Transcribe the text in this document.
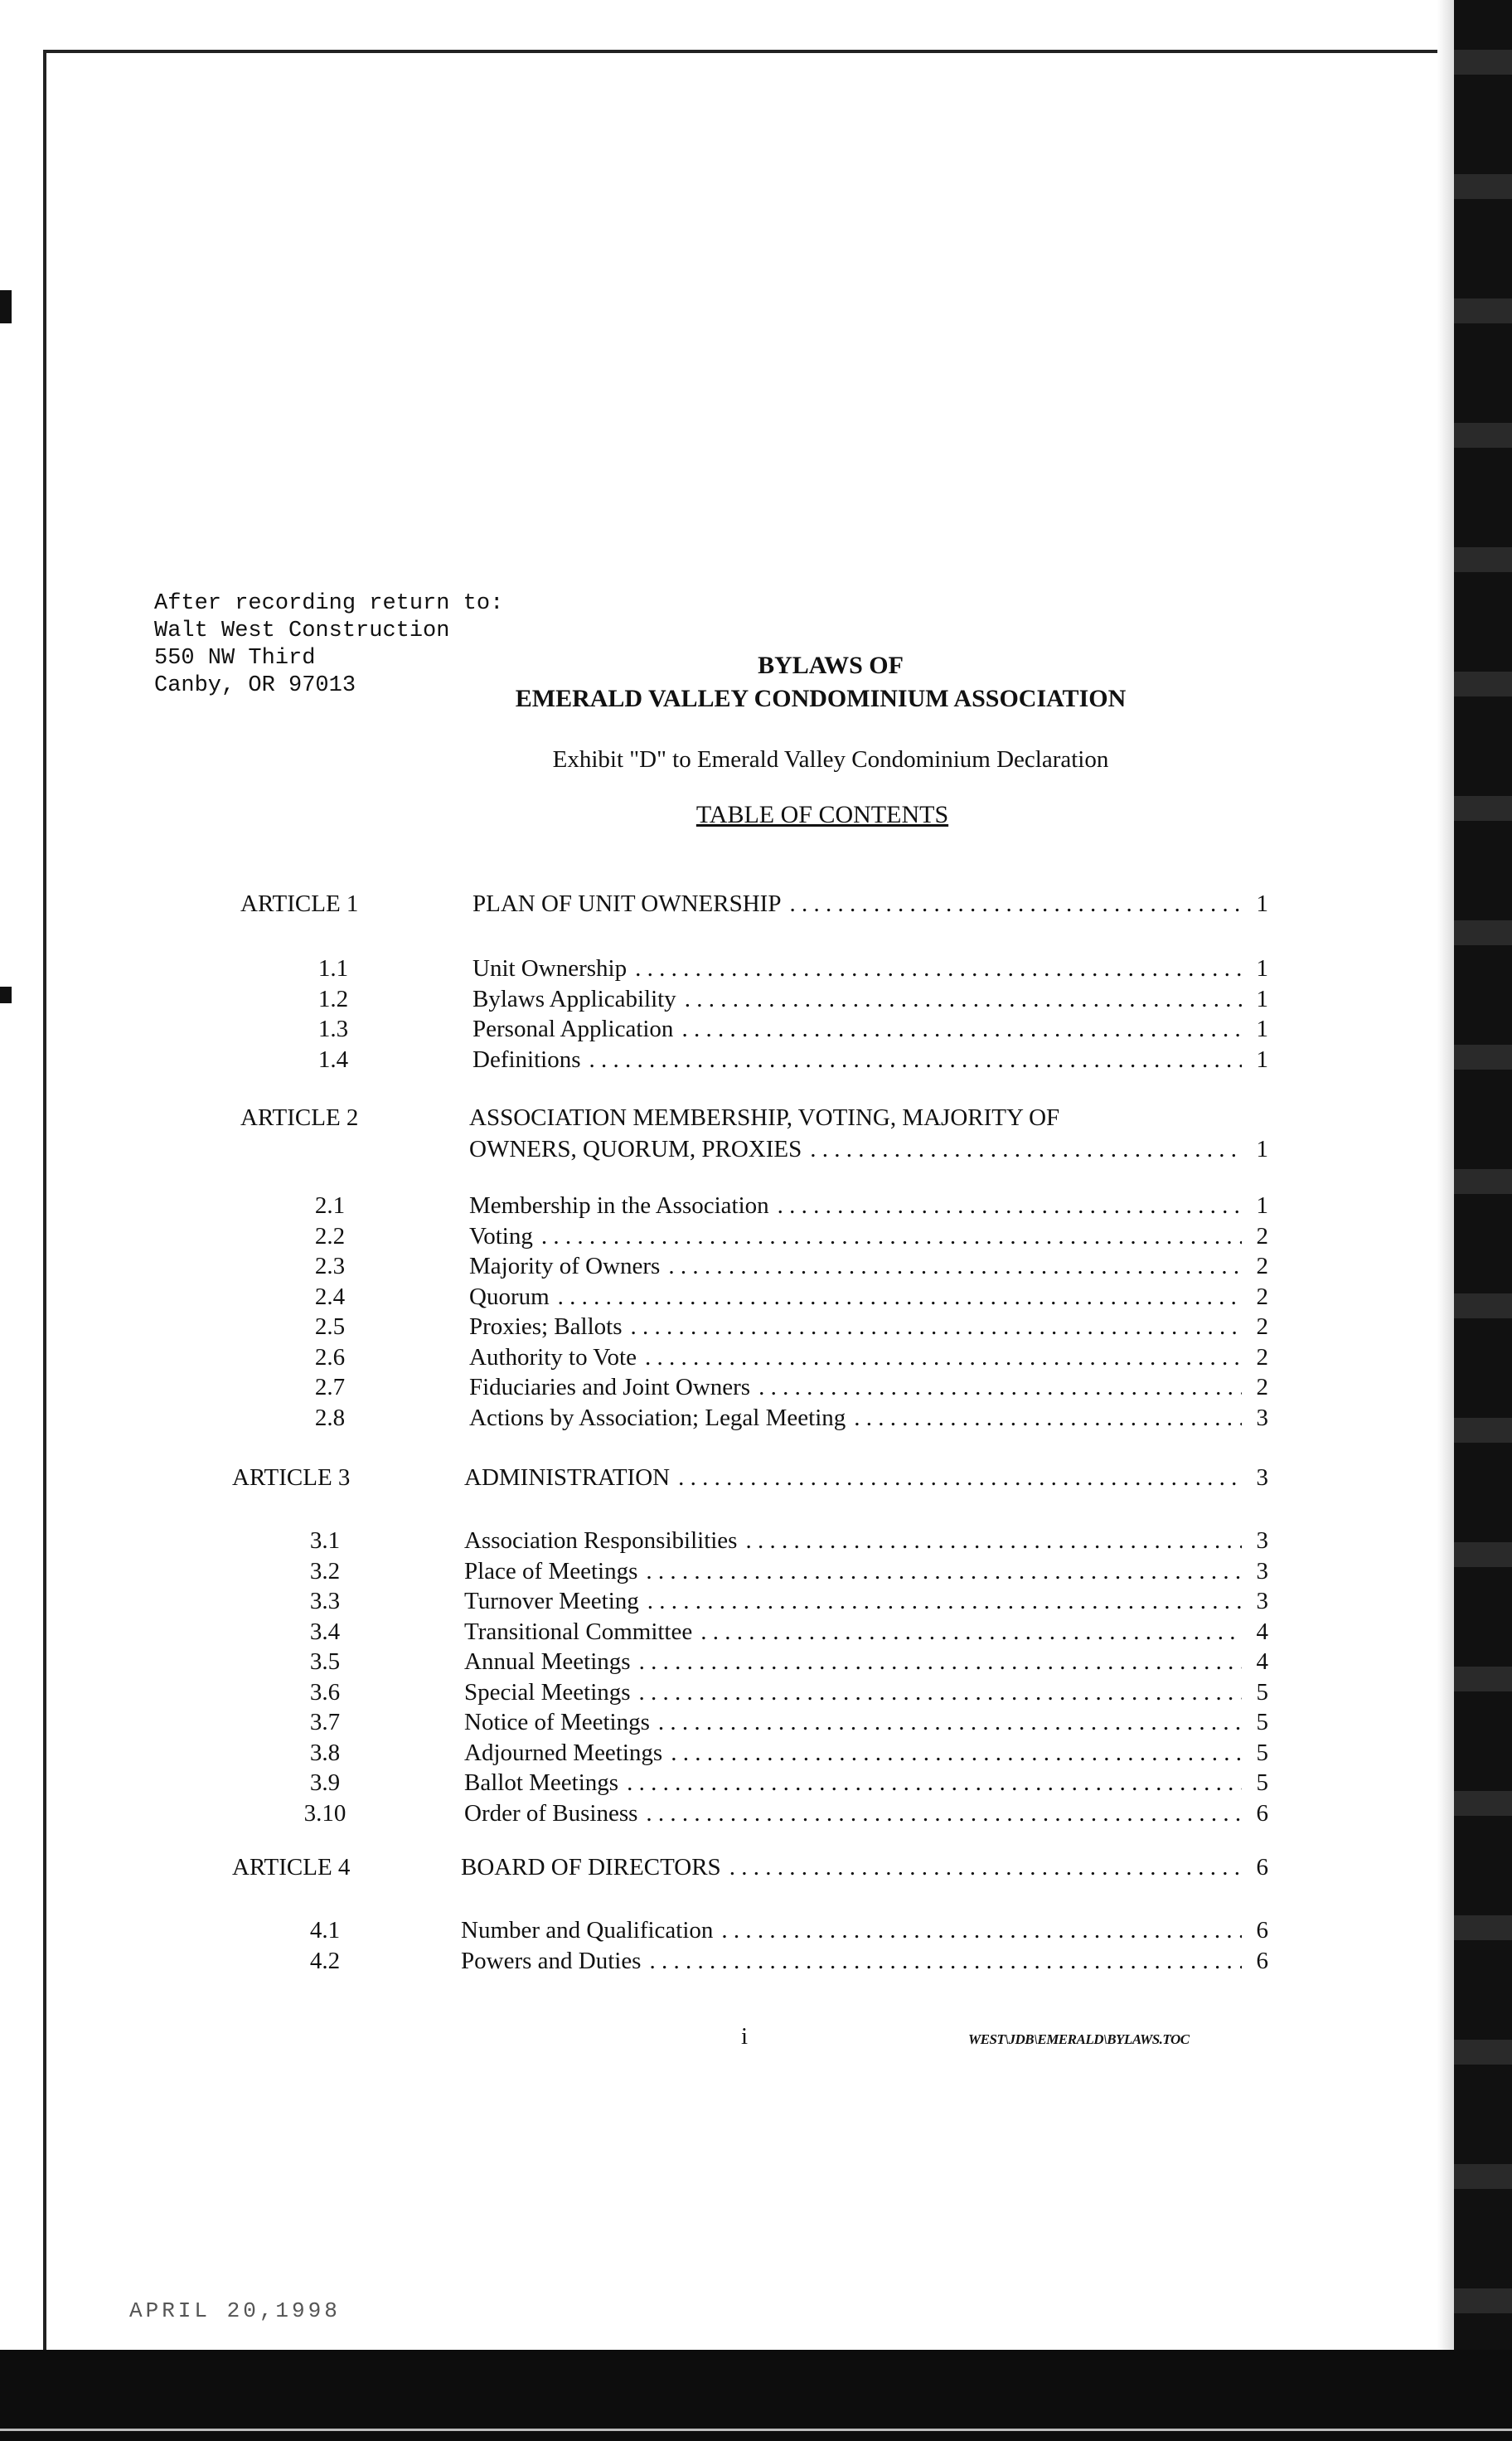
After recording return to:
Walt West Construction
550 NW Third
Canby, OR 97013
BYLAWS OF
EMERALD VALLEY CONDOMINIUM ASSOCIATION
Exhibit "D" to Emerald Valley Condominium Declaration
TABLE OF CONTENTS
ARTICLE 1	PLAN OF UNIT OWNERSHIP . . .	1
1.1	Unit Ownership . . .	1
1.2	Bylaws Applicability . . .	1
1.3	Personal Application . . .	1
1.4	Definitions . . .	1
ARTICLE 2	ASSOCIATION MEMBERSHIP, VOTING, MAJORITY OF
OWNERS, QUORUM, PROXIES . . .	1
2.1	Membership in the Association . . .	1
2.2	Voting . . .	2
2.3	Majority of Owners . . .	2
2.4	Quorum . . .	2
2.5	Proxies; Ballots . . .	2
2.6	Authority to Vote . . .	2
2.7	Fiduciaries and Joint Owners . . .	2
2.8	Actions by Association; Legal Meeting . . .	3
ARTICLE 3	ADMINISTRATION . . .	3
3.1	Association Responsibilities . . .	3
3.2	Place of Meetings . . .	3
3.3	Turnover Meeting . . .	3
3.4	Transitional Committee . . .	4
3.5	Annual Meetings . . .	4
3.6	Special Meetings . . .	5
3.7	Notice of Meetings . . .	5
3.8	Adjourned Meetings . . .	5
3.9	Ballot Meetings . . .	5
3.10	Order of Business . . .	6
ARTICLE 4	BOARD OF DIRECTORS . . .	6
4.1	Number and Qualification . . .	6
4.2	Powers and Duties . . .	6
i	WEST\JDB\EMERALD\BYLAWS.TOC
APRIL 20,1998
